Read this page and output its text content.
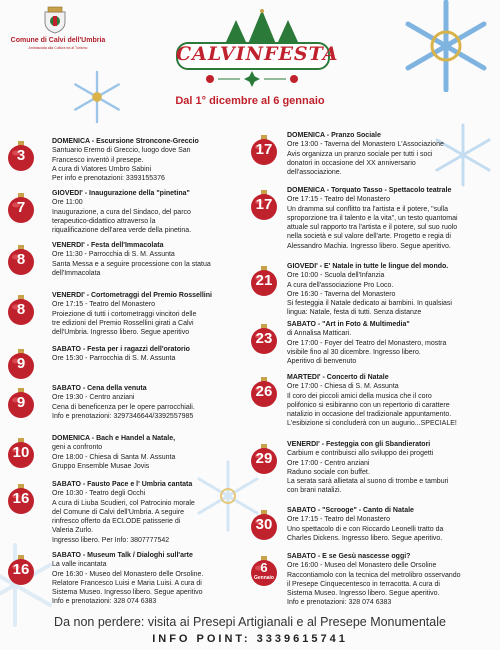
Comune di Calvi dell'Umbria
Ambasciata alla Cultura ed al Turismo	CALVINFESTA
Dal 1° dicembre al 6 gennaio
3
DOMENICA - Escursione Stroncone-Greccio
Santuario Eremo di Greccio, luogo dove San
Francesco inventò il presepe.
A cura di Viatores Umbro Sabini
Per info e prenotazioni: 3393155376
7
GIOVEDI' - Inaugurazione della "pinetina"
Ore 11:00
Inaugurazione, a cura del Sindaco, del parco
terapeutico-didattico attraverso la
riqualificazione dell'area verde della pinetina.
8
VENERDI' - Festa dell'Immacolata
Ore 11:30 - Parrocchia di S. M. Assunta
Santa Messa e a seguire processione con la statua
dell'Immacolata
8
VENERDI' - Cortometraggi del Premio Rossellini
Ore 17:15 - Teatro del Monastero
Proiezione di tutti i cortometraggi vincitori delle
tre edizioni del Premio Rossellini girati a Calvi
dell'Umbria. Ingresso libero. Segue aperitivo
9
SABATO - Festa per i ragazzi dell'oratorio
Ore 15:30 - Parrocchia di S. M. Assunta
9
SABATO - Cena della venuta
Ore 19:30 - Centro anziani
Cena di beneficenza per le opere parrocchiali.
Info e prenotazioni: 3297346644/3392557985
10
DOMENICA - Bach e Handel a Natale,
geni a confronto
Ore 18:00 - Chiesa di Santa M. Assunta
Gruppo Ensemble Musae Jovis
16
SABATO - Fausto Pace e l' Umbria cantata
Ore 10:30 - Teatro degli Occhi
A cura di Liuba Scudieri, col Patrocinio morale
del Comune di Calvi dell'Umbria. A seguire
rinfresco offerto da ECLODE patisserie di
Valeria Zurlo.
Ingresso libero. Per Info: 3807777542
16
SABATO - Museum Talk / Dialoghi sull'arte
La valle incantata
Ore 16:30 - Museo del Monastero delle Orsoline.
Relatore Francesco Luisi e Maria Luisi. A cura di
Sistema Museo. Ingresso libero. Segue aperitivo
Info e prenotazioni: 328 074 6383
17
DOMENICA - Pranzo Sociale
Ore 13:00 - Taverna del Monastero L'Associazione
Avis organizza un pranzo sociale per tutti i soci
donatori in occasione del XX anniversario
dell'associazione.
17
DOMENICA - Torquato Tasso - Spettacolo teatrale
Ore 17:15 - Teatro del Monastero
Un dramma sul conflitto tra l'artista e il potere, "sulla
sproporzione tra il talento e la vita", un testo quantomai
attuale sul rapporto tra l'artista e il potere, sul suo ruolo
nella società e sul valore dell'arte. Progetto e regia di
Alessandro Machia. Ingresso libero. Segue aperitivo.
21
GIOVEDI' - E' Natale in tutte le lingue del mondo.
Ore 10:00 - Scuola dell'Infanzia
A cura dell'associazione Pro Loco.
Ore 16:30 - Taverna del Monastero
Si festeggia il Natale dedicato ai bambini. In qualsiasi
lingua: Natale, festa di tutti. Senza distanze
23
SABATO - "Art in Foto & Multimedia"
di Annalisa Matticari.
Ore 17:00 - Foyer del Teatro del Monastero, mostra
visibile fino al 30 dicembre. Ingresso libero.
Aperitivo di benvenuto
26
MARTEDI' - Concerto di Natale
Ore 17:00 - Chiesa di S. M. Assunta
Il coro dei piccoli amici della musica che il coro
polifonico si esibiranno con un repertorio di carattere
natalizio in occasione del tradizionale appuntamento.
L'esibizione si concluderà con un augurio...SPECIALE!
29
VENERDI' - Festeggia con gli Sbandieratori
Carbium e contribuisci allo sviluppo dei progetti
Ore 17:00 - Centro anziani
Raduno sociale con buffet.
La serata sarà allietata al suono di trombe e tamburi
con brani natalizi.
30
SABATO - "Scrooge" - Canto di Natale
Ore 17:15 - Teatro del Monastero
Uno spettacolo di e con Riccardo Leonelli tratto da
Charles Dickens. Ingresso libero. Segue aperitivo.
6
Gennaio
SABATO - E se Gesù nascesse oggi?
Ore 16:00 - Museo del Monastero delle Orsoline
Raccontiamolo con la tecnica del metrolibro osservando
il Presepe Cinquecentesco in terracotta. A cura di
Sistema Museo. Ingresso libero. Segue aperitivo.
Info e prenotazioni: 328 074 6383
Da non perdere: visita ai Presepi Artigianali e al Presepe Monumentale
INFO POINT: 3339615741
